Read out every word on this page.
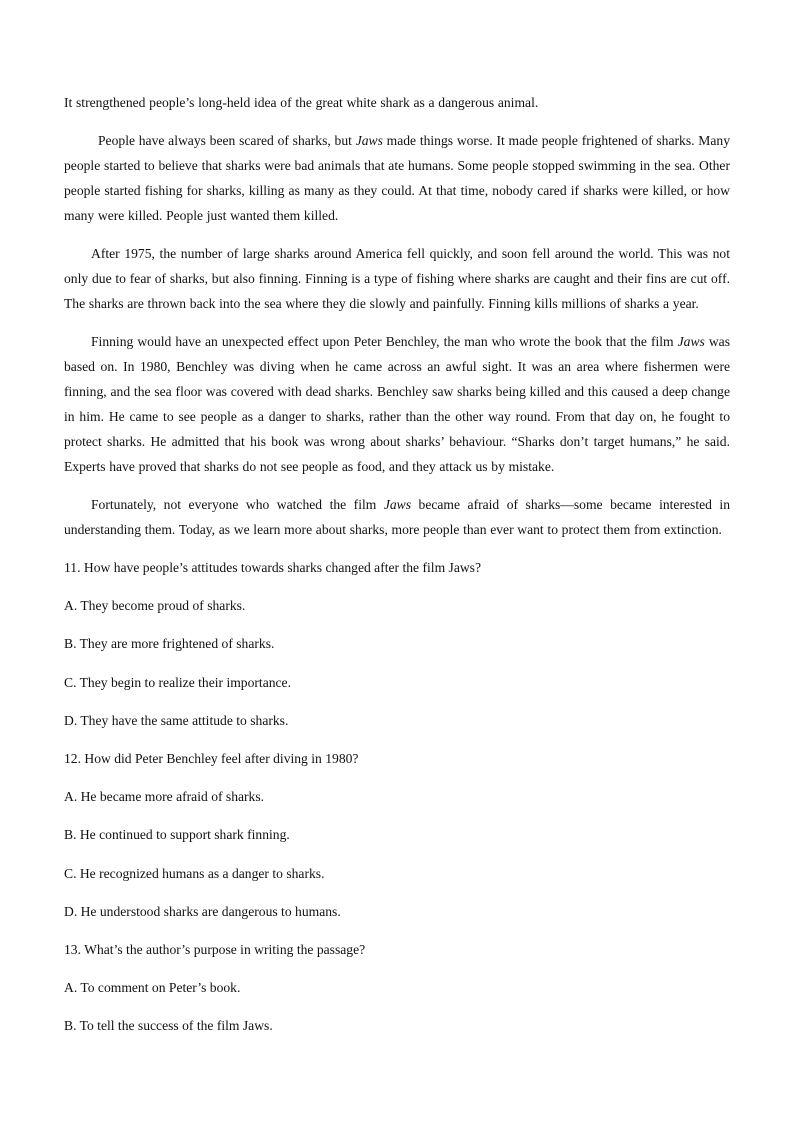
It strengthened people’s long-held idea of the great white shark as a dangerous animal.

People have always been scared of sharks, but Jaws made things worse. It made people frightened of sharks. Many people started to believe that sharks were bad animals that ate humans. Some people stopped swimming in the sea. Other people started fishing for sharks, killing as many as they could. At that time, nobody cared if sharks were killed, or how many were killed. People just wanted them killed.

After 1975, the number of large sharks around America fell quickly, and soon fell around the world. This was not only due to fear of sharks, but also finning. Finning is a type of fishing where sharks are caught and their fins are cut off. The sharks are thrown back into the sea where they die slowly and painfully. Finning kills millions of sharks a year.

Finning would have an unexpected effect upon Peter Benchley, the man who wrote the book that the film Jaws was based on. In 1980, Benchley was diving when he came across an awful sight. It was an area where fishermen were finning, and the sea floor was covered with dead sharks. Benchley saw sharks being killed and this caused a deep change in him. He came to see people as a danger to sharks, rather than the other way round. From that day on, he fought to protect sharks. He admitted that his book was wrong about sharks’ behaviour. “Sharks don’t target humans,” he said. Experts have proved that sharks do not see people as food, and they attack us by mistake.

Fortunately, not everyone who watched the film Jaws became afraid of sharks—some became interested in understanding them. Today, as we learn more about sharks, more people than ever want to protect them from extinction.

11. How have people’s attitudes towards sharks changed after the film Jaws?

A. They become proud of sharks.

B. They are more frightened of sharks.

C. They begin to realize their importance.

D. They have the same attitude to sharks.

12. How did Peter Benchley feel after diving in 1980?

A. He became more afraid of sharks.

B. He continued to support shark finning.

C. He recognized humans as a danger to sharks.

D. He understood sharks are dangerous to humans.

13. What’s the author’s purpose in writing the passage?

A. To comment on Peter’s book.

B. To tell the success of the film Jaws.
